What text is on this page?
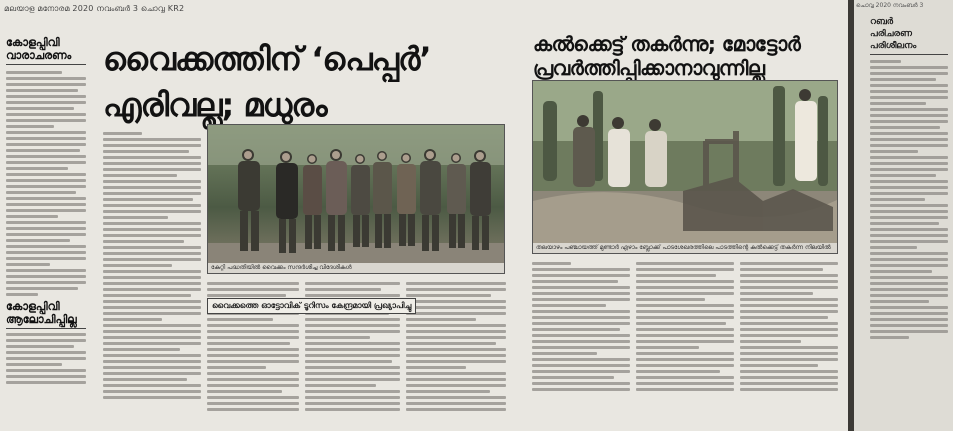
മലയാള മനോരമ 2020 നവംബർ 3 ചൊവ്വ KR2
കോളപ്പിവി വാരാചരണം
കോളപ്പിവി ആലോചിപ്പില്ല
വൈക്കത്തിന് ‘പെപ്പർ’
എരിവല്ല; മധുരം
കേറ്റി പദ്ധതിയിൽ വൈക്കം സന്ദർശിച്ച വിദേശികൾ
വൈക്കത്തെ ഓട്ടോവിക് ടൂറിസം കേന്ദ്രമായി പ്രഖ്യാപിച്ചു
കൽക്കെട്ട് തകർന്നു; മോട്ടോർ
പ്രവർത്തിപ്പിക്കാനാവുന്നില്ല
തലയാഴം പഞ്ചായത്ത് മുണ്ടാർ എഴാം ബ്ലോക്ക് പാടശേഖരത്തിലെ പാടത്തിന്റെ കൽക്കെട്ട് തകർന്ന നിലയിൽ
ചൊവ്വ 2020 നവംബർ 3
റബർ
പരിചരണ
പരിശീലനം
